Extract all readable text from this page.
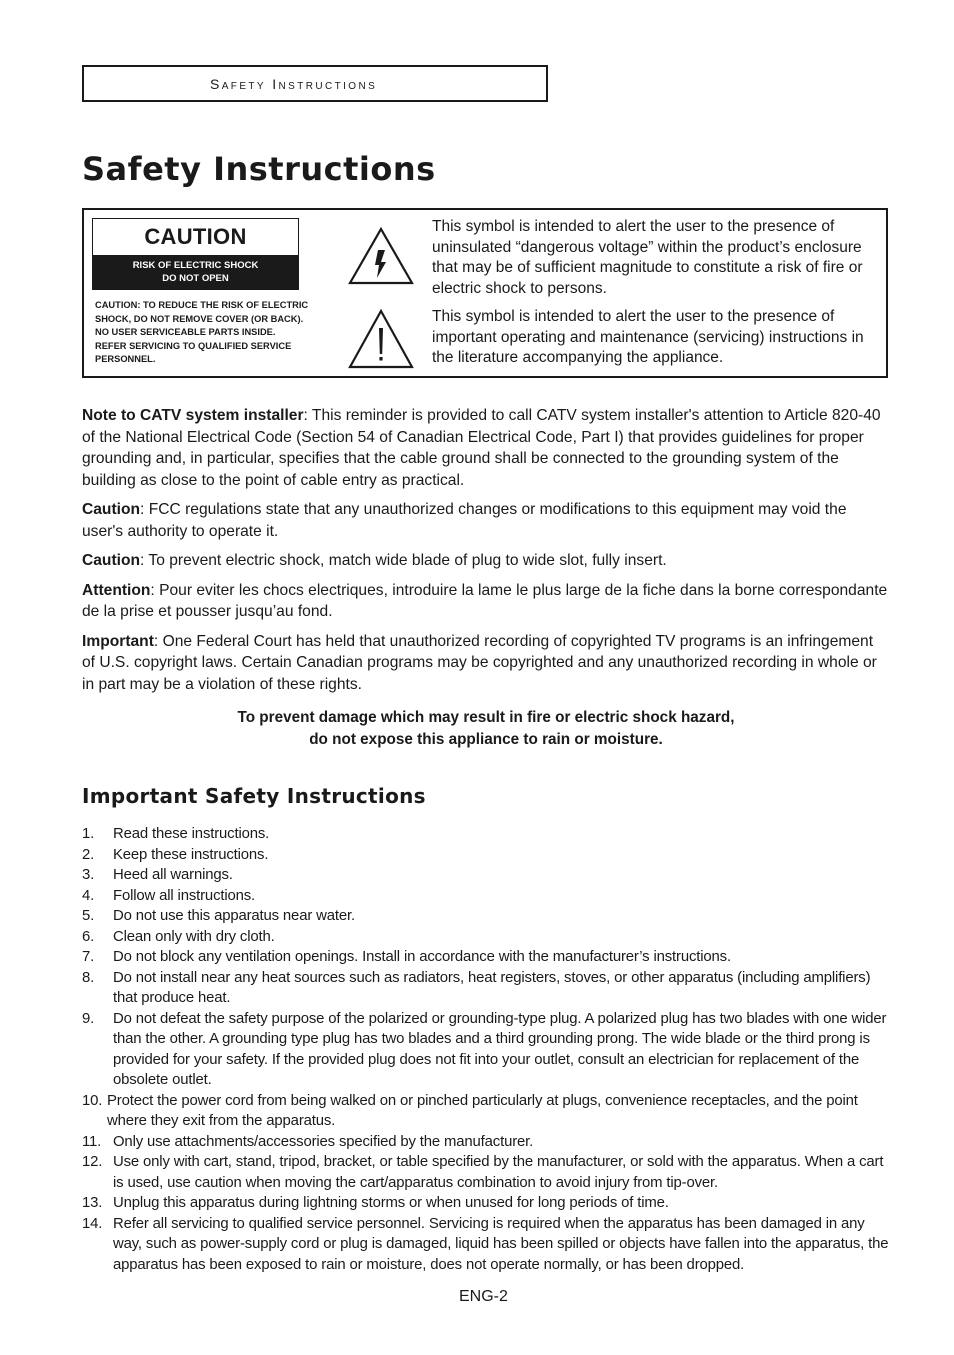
Safety Instructions
Safety Instructions
CAUTION
RISK OF ELECTRIC SHOCK
DO NOT OPEN
CAUTION: TO REDUCE THE RISK OF ELECTRIC SHOCK, DO NOT REMOVE COVER (OR BACK). NO USER SERVICEABLE PARTS INSIDE. REFER SERVICING TO QUALIFIED SERVICE PERSONNEL.
This symbol is intended to alert the user to the presence of uninsulated “dangerous voltage” within the product’s enclosure that may be of sufficient magnitude to constitute a risk of fire or electric shock to persons.
This symbol is intended to alert the user to the presence of important operating and maintenance (servicing) instructions in the literature accompanying the appliance.

Note to CATV system installer: This reminder is provided to call CATV system installer's attention to Article 820-40 of the National Electrical Code (Section 54 of Canadian Electrical Code, Part I) that provides guidelines for proper grounding and, in particular, specifies that the cable ground shall be connected to the grounding system of the building as close to the point of cable entry as practical.

Caution: FCC regulations state that any unauthorized changes or modifications to this equipment may void the user's authority to operate it.

Caution: To prevent electric shock, match wide blade of plug to wide slot, fully insert.

Attention: Pour eviter les chocs electriques, introduire la lame le plus large de la fiche dans la borne correspondante de la prise et pousser jusqu’au fond.

Important: One Federal Court has held that unauthorized recording of copyrighted TV programs is an infringement of U.S. copyright laws. Certain Canadian programs may be copyrighted and any unauthorized recording in whole or in part may be a violation of these rights.

To prevent damage which may result in fire or electric shock hazard,
do not expose this appliance to rain or moisture.
Important Safety Instructions
1.	Read these instructions.
2.	Keep these instructions.
3.	Heed all warnings.
4.	Follow all instructions.
5.	Do not use this apparatus near water.
6.	Clean only with dry cloth.
7.	Do not block any ventilation openings. Install in accordance with the manufacturer’s instructions.
8.	Do not install near any heat sources such as radiators, heat registers, stoves, or other apparatus (including amplifiers) that produce heat.
9.	Do not defeat the safety purpose of the polarized or grounding-type plug. A polarized plug has two blades with one wider than the other. A grounding type plug has two blades and a third grounding prong. The wide blade or the third prong is provided for your safety. If the provided plug does not fit into your outlet, consult an electrician for replacement of the obsolete outlet.
10. Protect the power cord from being walked on or pinched particularly at plugs, convenience receptacles, and the point where they exit from the apparatus.
11. Only use attachments/accessories specified by the manufacturer.
12. Use only with cart, stand, tripod, bracket, or table specified by the manufacturer, or sold with the apparatus. When a cart is used, use caution when moving the cart/apparatus combination to avoid injury from tip-over.
13. Unplug this apparatus during lightning storms or when unused for long periods of time.
14. Refer all servicing to qualified service personnel. Servicing is required when the apparatus has been damaged in any way, such as power-supply cord or plug is damaged, liquid has been spilled or objects have fallen into the apparatus, the apparatus has been exposed to rain or moisture, does not operate normally, or has been dropped.
ENG-2
